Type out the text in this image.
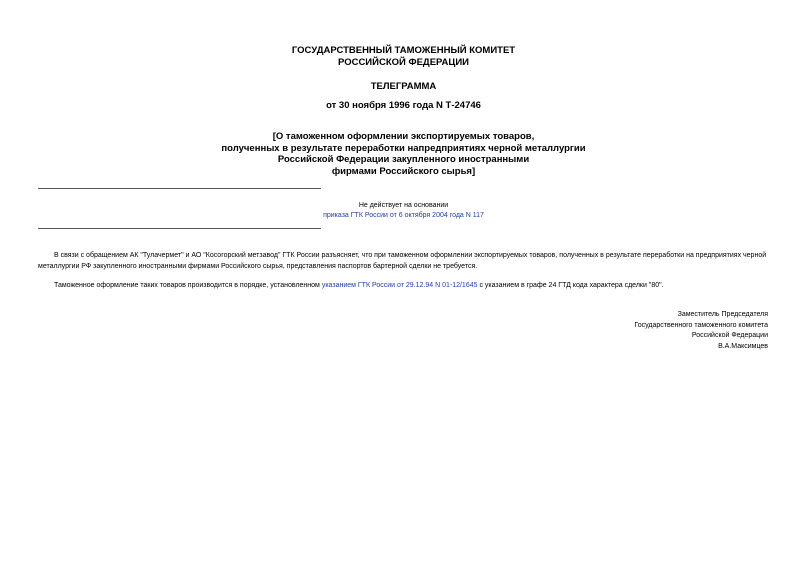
ГОСУДАРСТВЕННЫЙ ТАМОЖЕННЫЙ КОМИТЕТ
РОССИЙСКОЙ ФЕДЕРАЦИИ
ТЕЛЕГРАММА
от 30 ноября 1996 года N Т-24746
[О таможенном оформлении экспортируемых товаров,
полученных в результате переработки напредприятиях черной металлургии
Российской Федерации закупленного иностранными
фирмами Российского сырья]
Не действует на основании
приказа ГТК России от 6 октября 2004 года N 117
В связи с обращением АК "Тулачермет" и АО "Косогорский метзавод" ГТК России разъясняет, что при таможенном оформлении экспортируемых товаров, полученных в результате переработки на предприятиях черной металлургии РФ закупленного иностранными фирмами Российского сырья, представления паспортов бартерной сделки не требуется.
Таможенное оформление таких товаров производится в порядке, установленном указанием ГТК России от 29.12.94 N 01-12/1645 с указанием в графе 24 ГТД кода характера сделки "80".
Заместитель Председателя
Государственного таможенного комитета
Российской Федерации
В.А.Максимцев
